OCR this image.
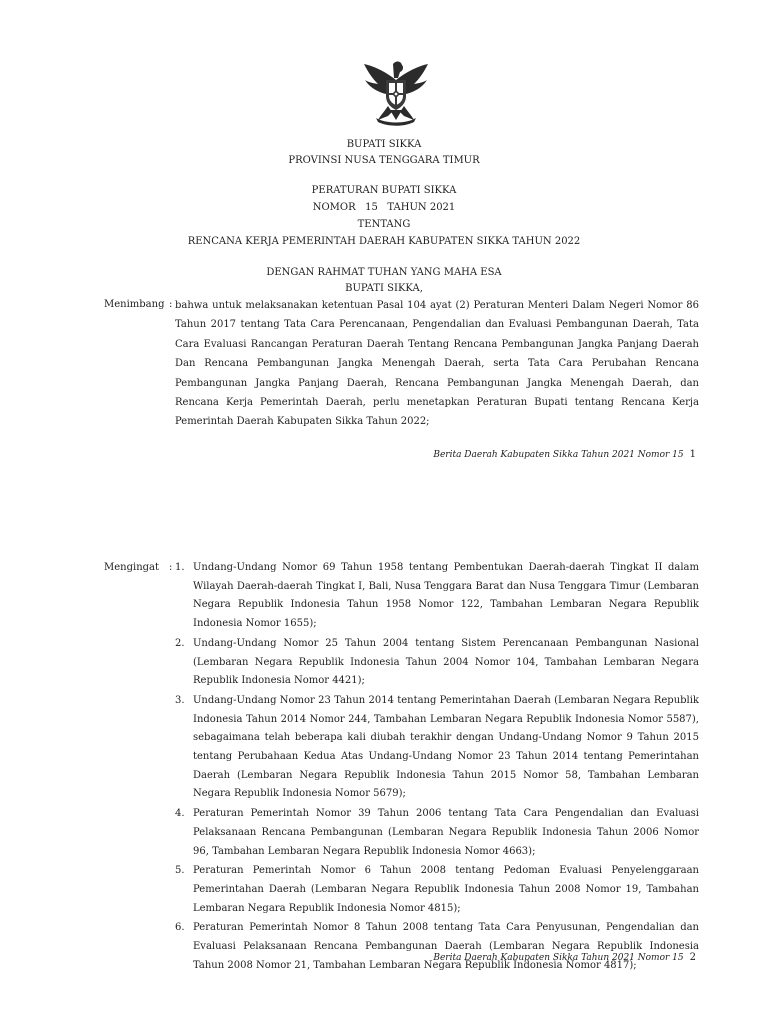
BUPATI SIKKA
PROVINSI NUSA TENGGARA TIMUR
PERATURAN BUPATI SIKKA
NOMOR   15   TAHUN 2021
TENTANG
RENCANA KERJA PEMERINTAH DAERAH KABUPATEN SIKKA TAHUN 2022
DENGAN RAHMAT TUHAN YANG MAHA ESA
BUPATI SIKKA,
Menimbang : bahwa untuk melaksanakan ketentuan Pasal 104 ayat (2) Peraturan Menteri Dalam Negeri Nomor 86 Tahun 2017 tentang Tata Cara Perencanaan, Pengendalian dan Evaluasi Pembangunan Daerah, Tata Cara Evaluasi Rancangan Peraturan Daerah Tentang Rencana Pembangunan Jangka Panjang Daerah Dan Rencana Pembangunan Jangka Menengah Daerah, serta Tata Cara Perubahan Rencana Pembangunan Jangka Panjang Daerah, Rencana Pembangunan Jangka Menengah Daerah, dan Rencana Kerja Pemerintah Daerah, perlu menetapkan Peraturan Bupati tentang Rencana Kerja Pemerintah Daerah Kabupaten Sikka Tahun 2022;
Berita Daerah Kabupaten Sikka Tahun 2021 Nomor 15 1
Mengingat : 1. Undang-Undang Nomor 69 Tahun 1958 tentang Pembentukan Daerah-daerah Tingkat II dalam Wilayah Daerah-daerah Tingkat I, Bali, Nusa Tenggara Barat dan Nusa Tenggara Timur (Lembaran Negara Republik Indonesia Tahun 1958 Nomor 122, Tambahan Lembaran Negara Republik Indonesia Nomor 1655);
2. Undang-Undang Nomor 25 Tahun 2004 tentang Sistem Perencanaan Pembangunan Nasional (Lembaran Negara Republik Indonesia Tahun 2004 Nomor 104, Tambahan Lembaran Negara Republik Indonesia Nomor 4421);
3. Undang-Undang Nomor 23 Tahun 2014 tentang Pemerintahan Daerah (Lembaran Negara Republik Indonesia Tahun 2014 Nomor 244, Tambahan Lembaran Negara Republik Indonesia Nomor 5587), sebagaimana telah beberapa kali diubah terakhir dengan Undang-Undang Nomor 9 Tahun 2015 tentang Perubahaan Kedua Atas Undang-Undang Nomor 23 Tahun 2014 tentang Pemerintahan Daerah (Lembaran Negara Republik Indonesia Tahun 2015 Nomor 58, Tambahan Lembaran Negara Republik Indonesia Nomor 5679);
4. Peraturan Pemerintah Nomor 39 Tahun 2006 tentang Tata Cara Pengendalian dan Evaluasi Pelaksanaan Rencana Pembangunan (Lembaran Negara Republik Indonesia Tahun 2006 Nomor 96, Tambahan Lembaran Negara Republik Indonesia Nomor 4663);
5. Peraturan Pemerintah Nomor 6 Tahun 2008 tentang Pedoman Evaluasi Penyelenggaraan Pemerintahan Daerah (Lembaran Negara Republik Indonesia Tahun 2008 Nomor 19, Tambahan Lembaran Negara Republik Indonesia Nomor 4815);
6. Peraturan Pemerintah Nomor 8 Tahun 2008 tentang Tata Cara Penyusunan, Pengendalian dan Evaluasi Pelaksanaan Rencana Pembangunan Daerah (Lembaran Negara Republik Indonesia Tahun 2008 Nomor 21, Tambahan Lembaran Negara Republik Indonesia Nomor 4817);
Berita Daerah Kabupaten Sikka Tahun 2021 Nomor 15 2
